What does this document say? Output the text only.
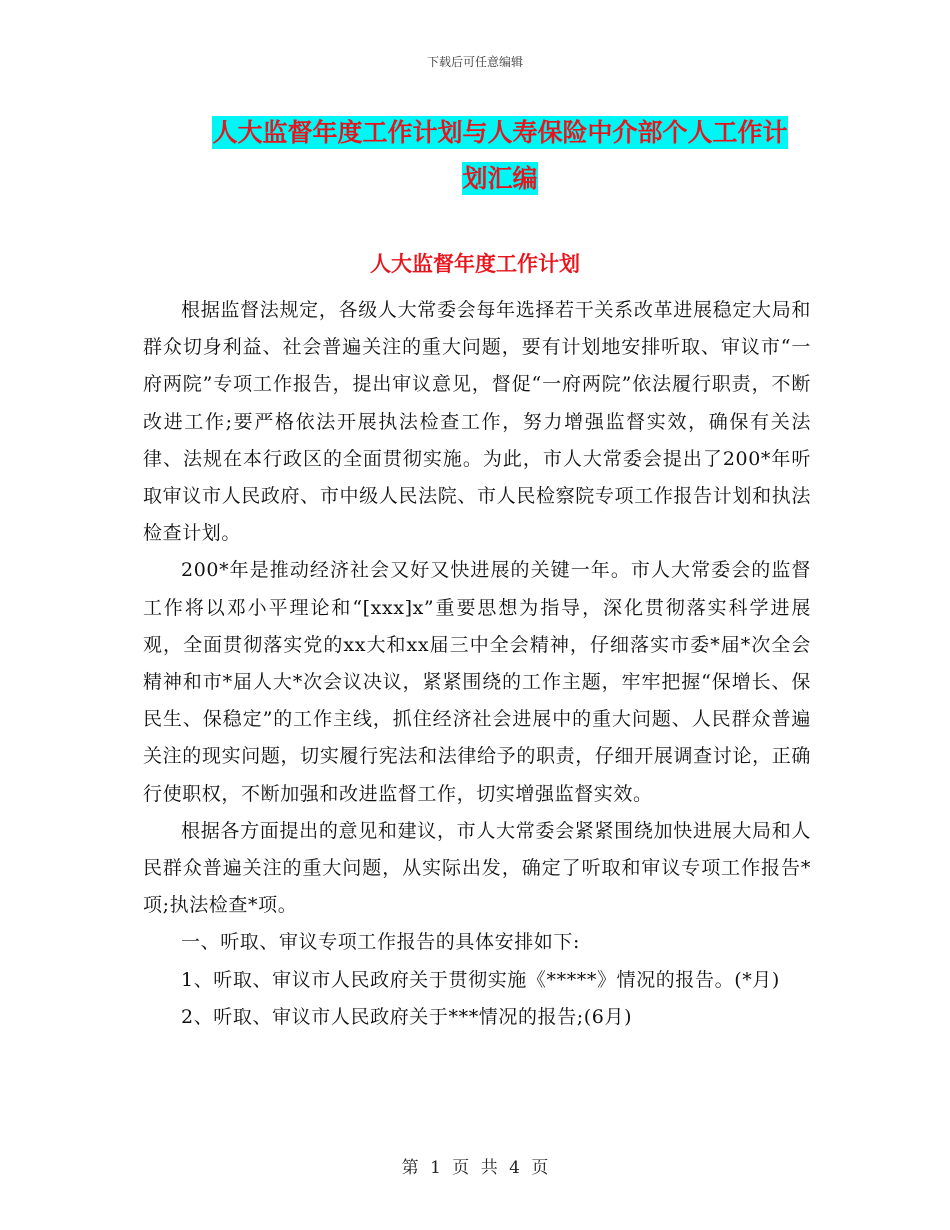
下载后可任意编辑
人大监督年度工作计划与人寿保险中介部个人工作计
划汇编
人大监督年度工作计划

根据监督法规定，各级人大常委会每年选择若干关系改革进展稳定大局和群众切身利益、社会普遍关注的重大问题，要有计划地安排听取、审议市“一府两院”专项工作报告，提出审议意见，督促“一府两院”依法履行职责，不断改进工作;要严格依法开展执法检查工作，努力增强监督实效，确保有关法律、法规在本行政区的全面贯彻实施。为此，市人大常委会提出了200*年听取审议市人民政府、市中级人民法院、市人民检察院专项工作报告计划和执法检查计划。

200*年是推动经济社会又好又快进展的关键一年。市人大常委会的监督工作将以邓小平理论和“[xxx]x”重要思想为指导，深化贯彻落实科学进展观，全面贯彻落实党的xx大和xx届三中全会精神，仔细落实市委*届*次全会精神和市*届人大*次会议决议，紧紧围绕的工作主题，牢牢把握“保增长、保民生、保稳定”的工作主线，抓住经济社会进展中的重大问题、人民群众普遍关注的现实问题，切实履行宪法和法律给予的职责，仔细开展调查讨论，正确行使职权，不断加强和改进监督工作，切实增强监督实效。

根据各方面提出的意见和建议，市人大常委会紧紧围绕加快进展大局和人民群众普遍关注的重大问题，从实际出发，确定了听取和审议专项工作报告*项;执法检查*项。

一、听取、审议专项工作报告的具体安排如下:

1、听取、审议市人民政府关于贯彻实施《*****》情况的报告。(*月)

2、听取、审议市人民政府关于***情况的报告;(6月)

第 1 页 共 4 页
